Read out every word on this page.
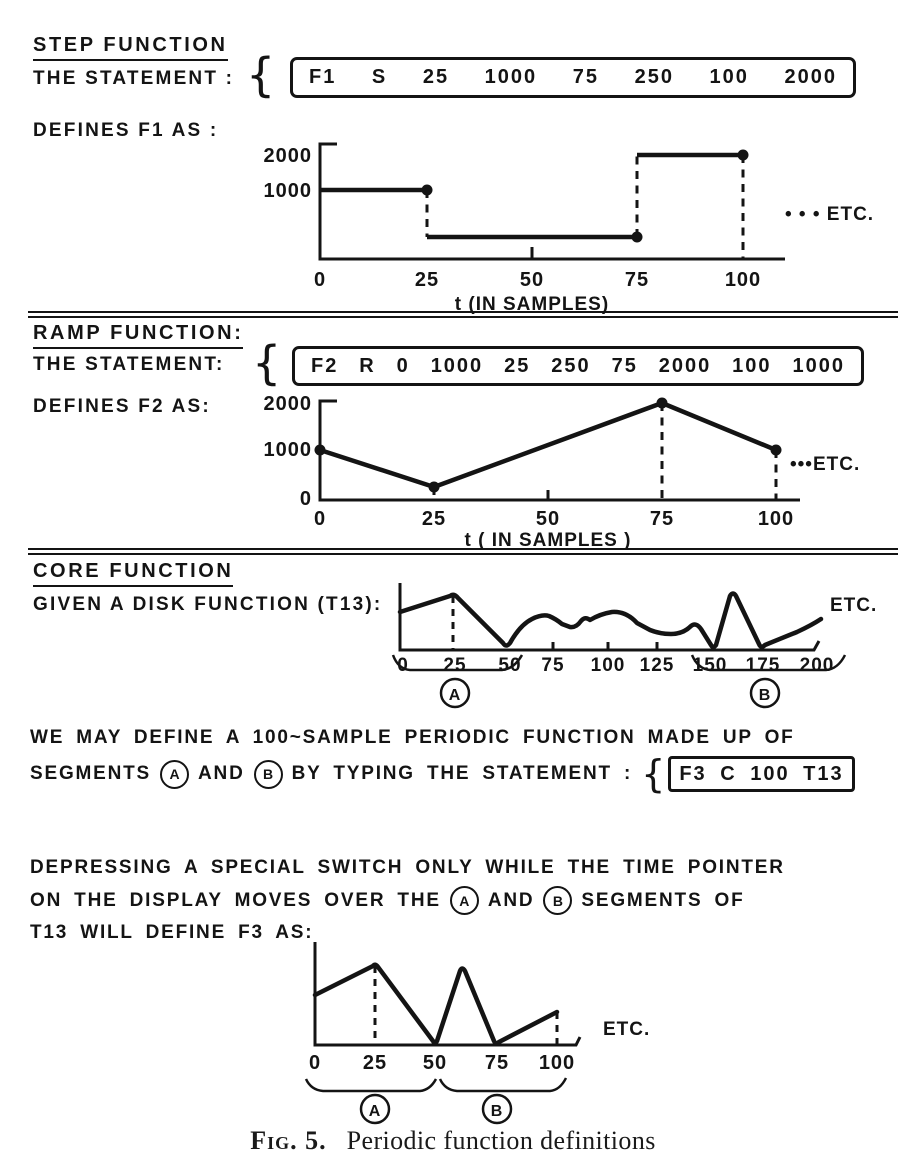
STEP FUNCTION
THE STATEMENT : { F1 S 25 1000 75 250 100 2000
DEFINES F1 AS :
2000
1000
0	25	50	75	100
• • • ETC.
t (IN SAMPLES)
RAMP FUNCTION:
THE STATEMENT: { F2 R 0 1000 25 250 75 2000 100 1000
DEFINES F2 AS:	2000
1000
0
0	25	50	75	100
•••ETC.
t ( IN SAMPLES )
CORE FUNCTION
GIVEN A DISK FUNCTION (T13):
0 25 50 75 100 125 150 175 200
A	B
ETC.
WE MAY DEFINE A 100~SAMPLE PERIODIC FUNCTION MADE UP OF
SEGMENTS	A AND	B BY TYPING THE STATEMENT : { F3 C 100 T13
DEPRESSING A SPECIAL SWITCH ONLY WHILE THE TIME POINTER
ON THE DISPLAY MOVES OVER THE	A AND	B SEGMENTS OF
T13 WILL DEFINE F3 AS:
0 25 50 75 100
A	B
ETC.
Fig. 5. Periodic function definitions
